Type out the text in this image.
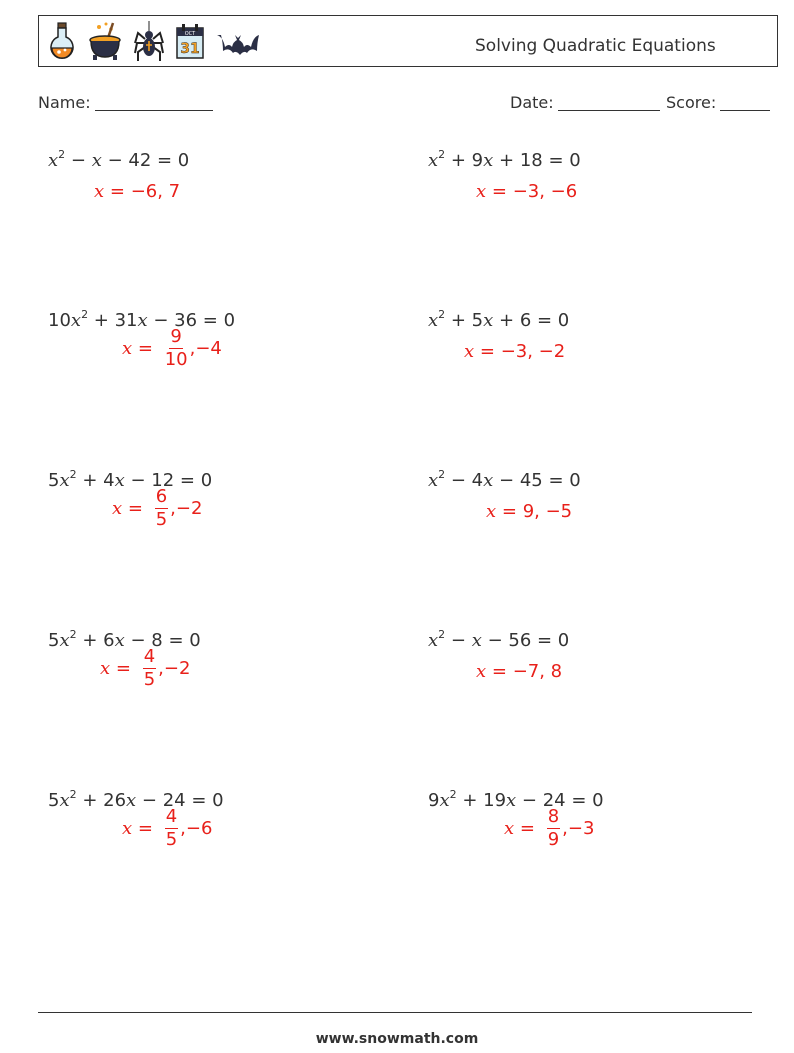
OCT
31	Solving Quadratic Equations
Name:	Date:	Score:
$x^2 - x - 42 = 0$
x = −6, 7
$x^2 + 9x + 18 = 0$
x = −3, −6
$10x^2 + 31x - 36 = 0$
$x = \frac{9}{10} ,-4$
$x^2 + 5x + 6 = 0$
x = −3, −2
$5x^2 + 4x - 12 = 0$
$x = \frac{6}{5} ,-2$
$x^2 - 4x - 45 = 0$
x = 9, −5
$5x^2 + 6x - 8 = 0$
$x = \frac{4}{5} ,-2$
$x^2 - x - 56 = 0$
x = −7, 8
$5x^2 + 26x - 24 = 0$
$x = \frac{4}{5} ,-6$
$9x^2 + 19x - 24 = 0$
$x = \frac{8}{9} ,-3$
www.snowmath.com
